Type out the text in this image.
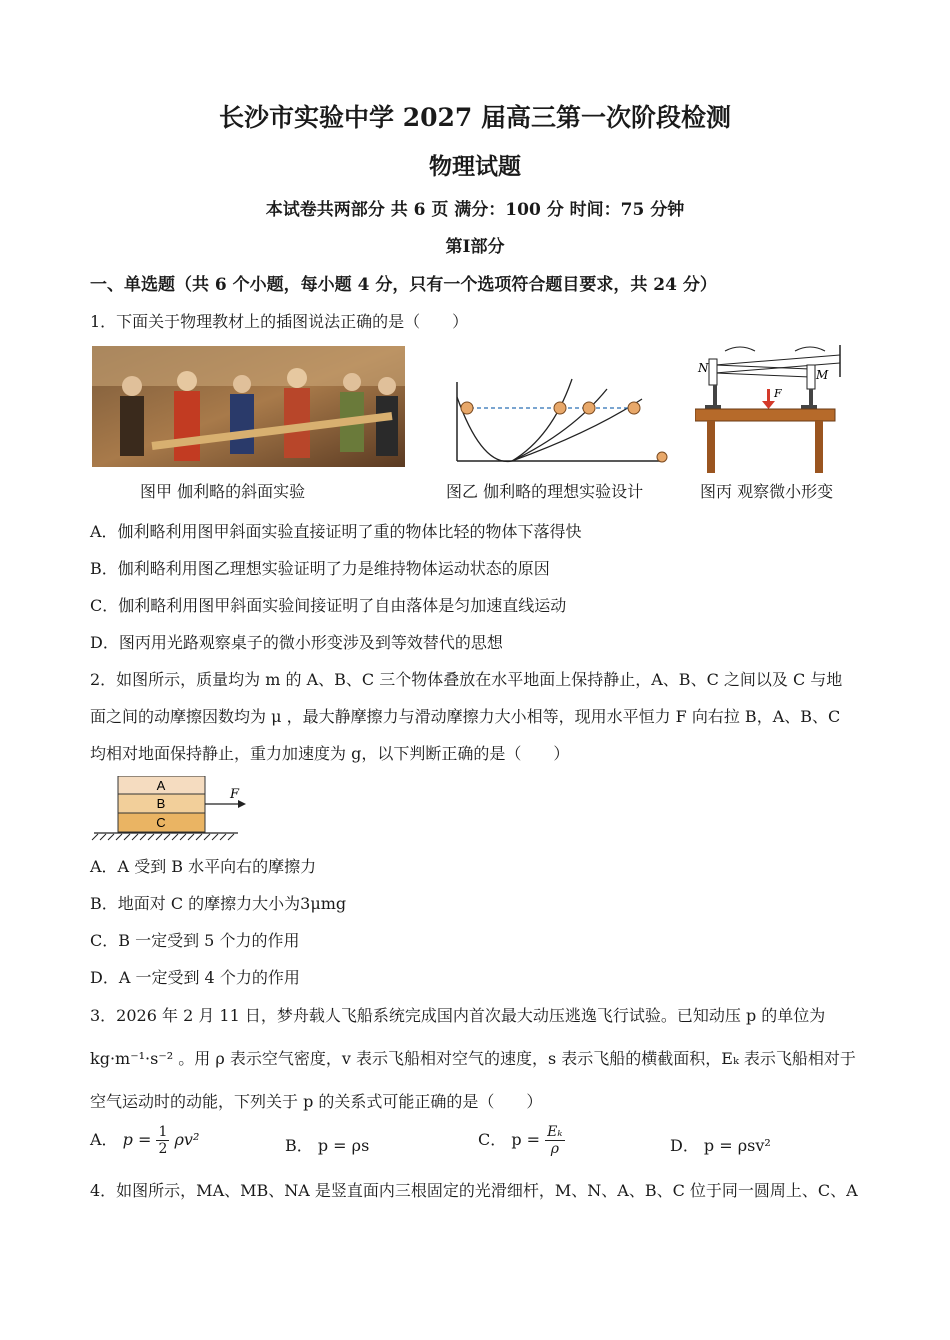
长沙市实验中学 2027 届高三第一次阶段检测
物理试题
本试卷共两部分 共 6 页 满分：100 分 时间：75 分钟
第I部分
一、单选题（共 6 个小题，每小题 4 分，只有一个选项符合题目要求，共 24 分）
1．下面关于物理教材上的插图说法正确的是（　　）
N	M
F
图甲 伽利略的斜面实验	图乙 伽利略的理想实验设计	图丙 观察微小形变
A．伽利略利用图甲斜面实验直接证明了重的物体比轻的物体下落得快
B．伽利略利用图乙理想实验证明了力是维持物体运动状态的原因
C．伽利略利用图甲斜面实验间接证明了自由落体是匀加速直线运动
D．图丙用光路观察桌子的微小形变涉及到等效替代的思想
2．如图所示，质量均为 m 的 A、B、C 三个物体叠放在水平地面上保持静止，A、B、C 之间以及 C 与地
面之间的动摩擦因数均为 μ ，最大静摩擦力与滑动摩擦力大小相等，现用水平恒力 F 向右拉 B，A、B、C
均相对地面保持静止，重力加速度为 g，以下判断正确的是（　　）
A
B
C
F
A．A 受到 B 水平向右的摩擦力
B．地面对 C 的摩擦力大小为3μmg
C．B 一定受到 5 个力的作用
D．A 一定受到 4 个力的作用
3．2026 年 2 月 11 日，梦舟载人飞船系统完成国内首次最大动压逃逸飞行试验。已知动压 p 的单位为
kg·m⁻¹·s⁻² 。用 ρ 表示空气密度，v 表示飞船相对空气的速度，s 表示飞船的横截面积，Eₖ 表示飞船相对于
空气运动时的动能，下列关于 p 的关系式可能正确的是（　　）
A． $p = \frac{1}{2} \rho v^2$	B． p = ρs	C． $p = \frac{\text{Eₖ}}{\rho}$	D． p = ρsv²
4．如图所示，MA、MB、NA 是竖直面内三根固定的光滑细杆，M、N、A、B、C 位于同一圆周上、C、A
